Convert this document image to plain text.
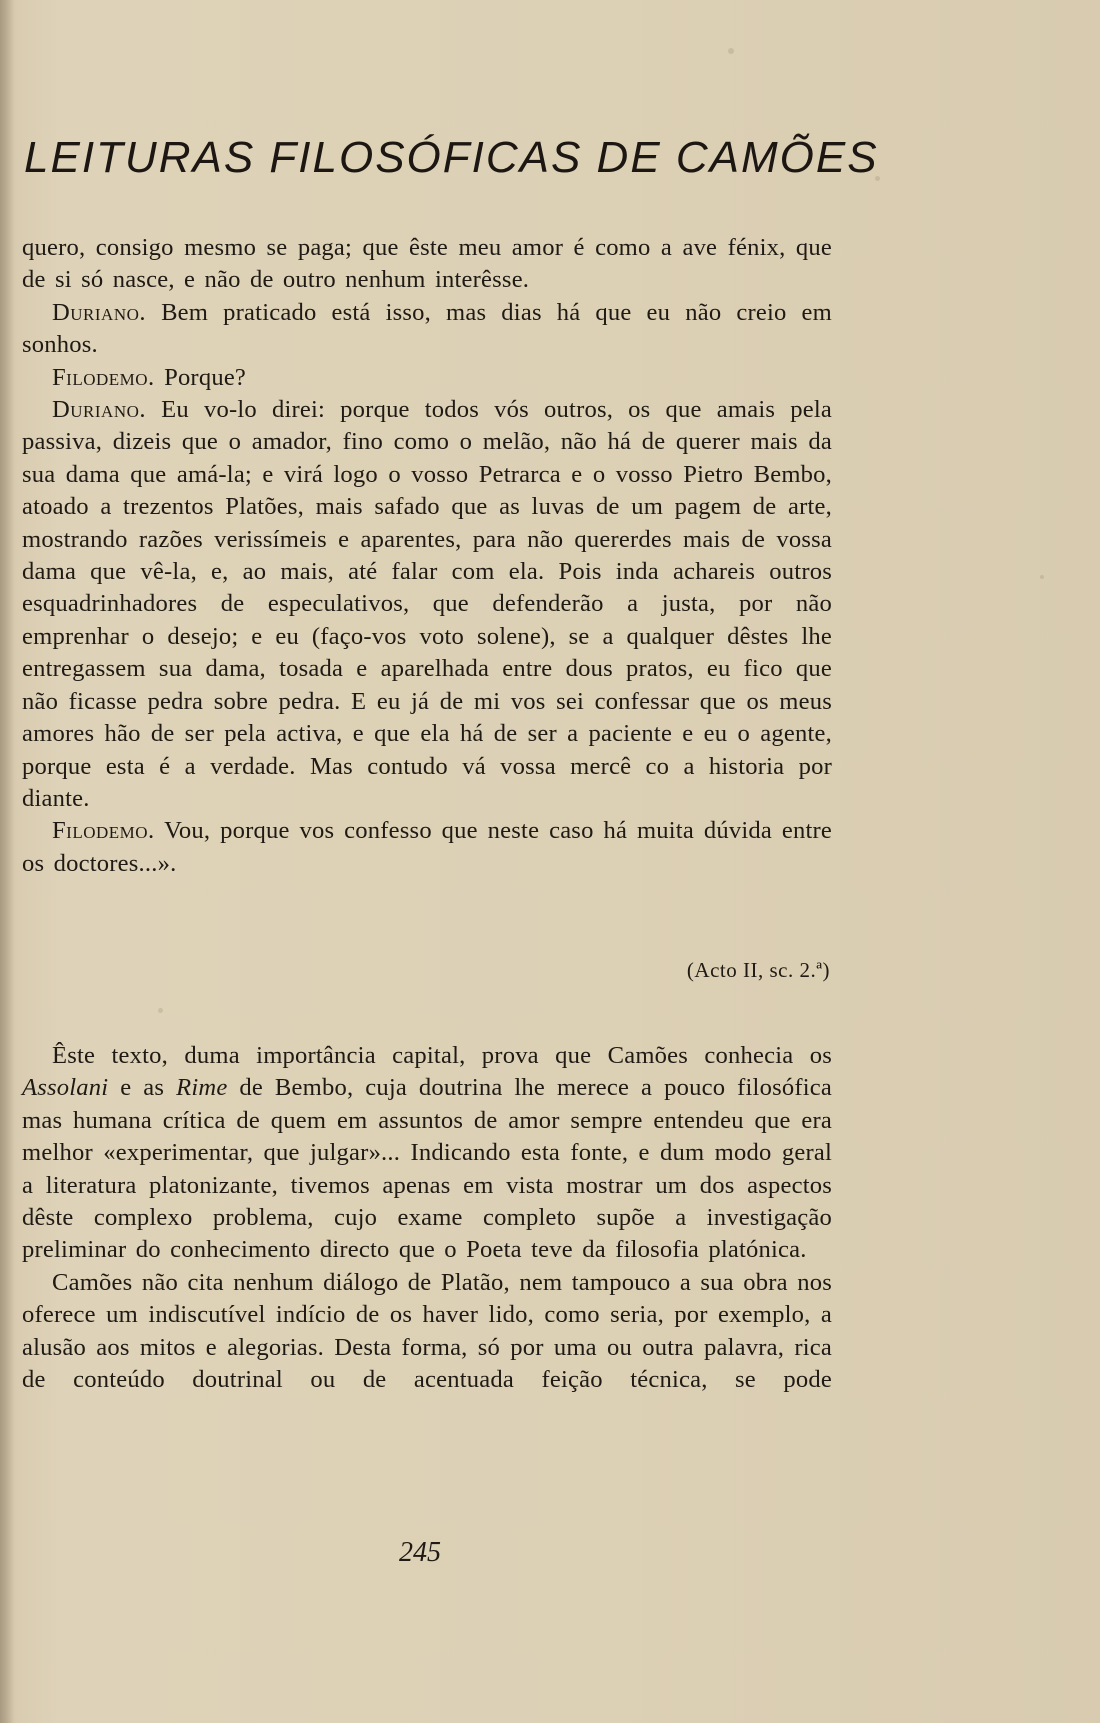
LEITURAS FILOSÓFICAS DE CAMÕES

quero, consigo mesmo se paga; que êste meu amor é como a ave fénix, que de si só nasce, e não de outro nenhum interêsse.

Duriano. Bem praticado está isso, mas dias há que eu não creio em sonhos.

Filodemo. Porque?

Duriano. Eu vo-lo direi: porque todos vós outros, os que amais pela passiva, dizeis que o amador, fino como o melão, não há de querer mais da sua dama que amá-la; e virá logo o vosso Petrarca e o vosso Pietro Bembo, atoado a trezentos Platões, mais safado que as luvas de um pagem de arte, mostrando razões verissímeis e aparentes, para não quererdes mais de vossa dama que vê-la, e, ao mais, até falar com ela. Pois inda achareis outros esquadrinhadores de especulativos, que defenderão a justa, por não emprenhar o desejo; e eu (faço-vos voto solene), se a qualquer dêstes lhe entregassem sua dama, tosada e aparelhada entre dous pratos, eu fico que não ficasse pedra sobre pedra. E eu já de mi vos sei confessar que os meus amores hão de ser pela activa, e que ela há de ser a paciente e eu o agente, porque esta é a verdade. Mas contudo vá vossa mercê co a historia por diante.

Filodemo. Vou, porque vos confesso que neste caso há muita dúvida entre os doctores...».

(Acto II, sc. 2.ª)

Êste texto, duma importância capital, prova que Camões conhecia os Assolani e as Rime de Bembo, cuja doutrina lhe merece a pouco filosófica mas humana crítica de quem em assuntos de amor sempre entendeu que era melhor «experimentar, que julgar»... Indicando esta fonte, e dum modo geral a literatura platonizante, tivemos apenas em vista mostrar um dos aspectos dêste complexo problema, cujo exame completo supõe a investigação preliminar do conhecimento directo que o Poeta teve da filosofia platónica.

Camões não cita nenhum diálogo de Platão, nem tampouco a sua obra nos oferece um indiscutível indício de os haver lido, como seria, por exemplo, a alusão aos mitos e alegorias. Desta forma, só por uma ou outra palavra, rica de conteúdo doutrinal ou de acentuada feição técnica, se pode

245
